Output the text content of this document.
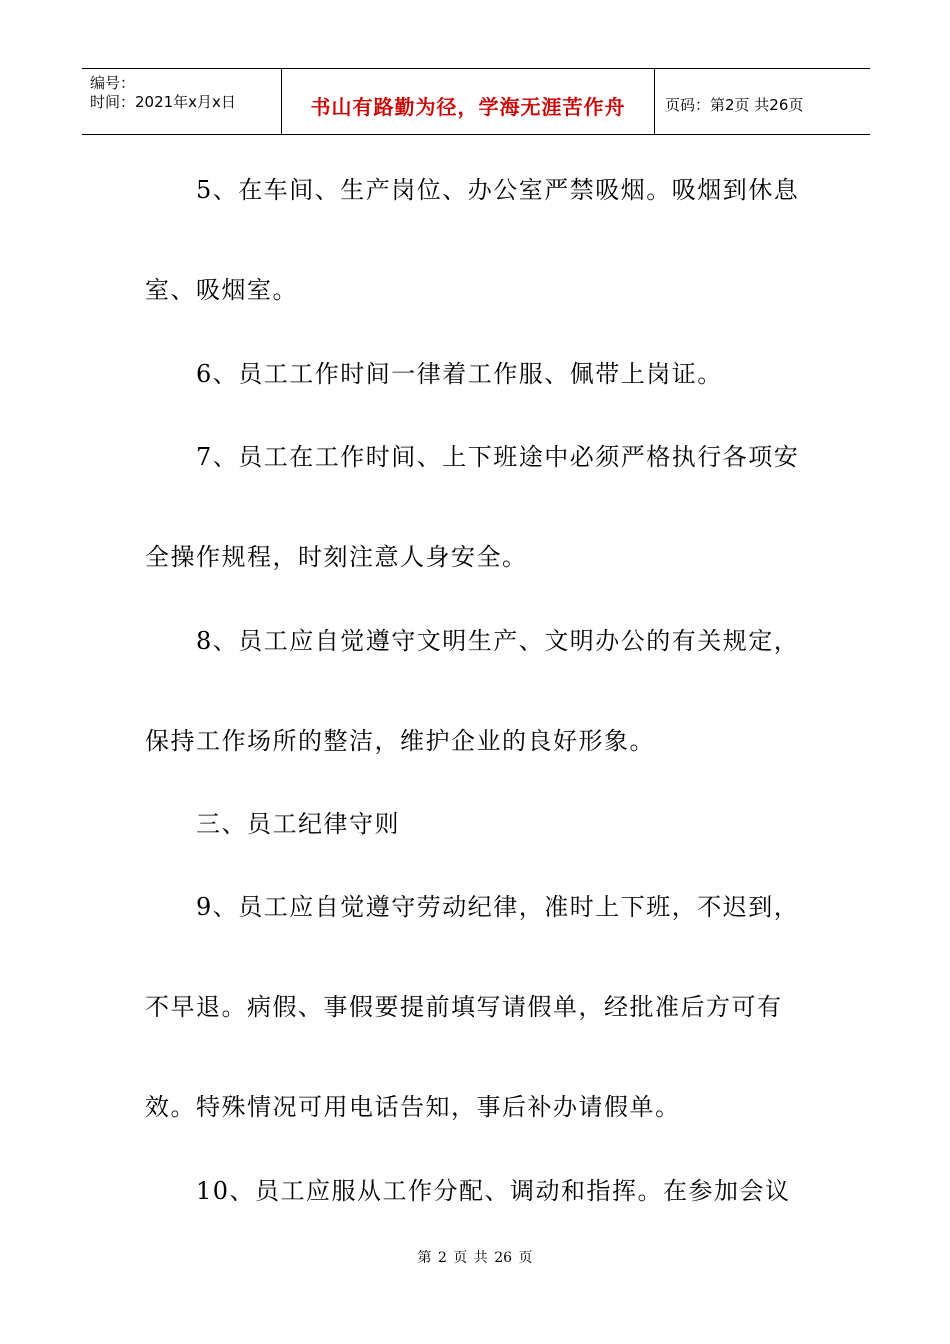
编号：
时间：2021年x月x日	书山有路勤为径，学海无涯苦作舟	页码：第2页 共26页
　　5、在车间、生产岗位、办公室严禁吸烟。吸烟到休息
室、吸烟室。
　　6、员工工作时间一律着工作服、佩带上岗证。
　　7、员工在工作时间、上下班途中必须严格执行各项安
全操作规程，时刻注意人身安全。
　　8、员工应自觉遵守文明生产、文明办公的有关规定，
保持工作场所的整洁，维护企业的良好形象。
　　三、员工纪律守则
　　9、员工应自觉遵守劳动纪律，准时上下班，不迟到，
不早退。病假、事假要提前填写请假单，经批准后方可有
效。特殊情况可用电话告知，事后补办请假单。
　　10、员工应服从工作分配、调动和指挥。在参加会议
第 2 页 共 26 页
